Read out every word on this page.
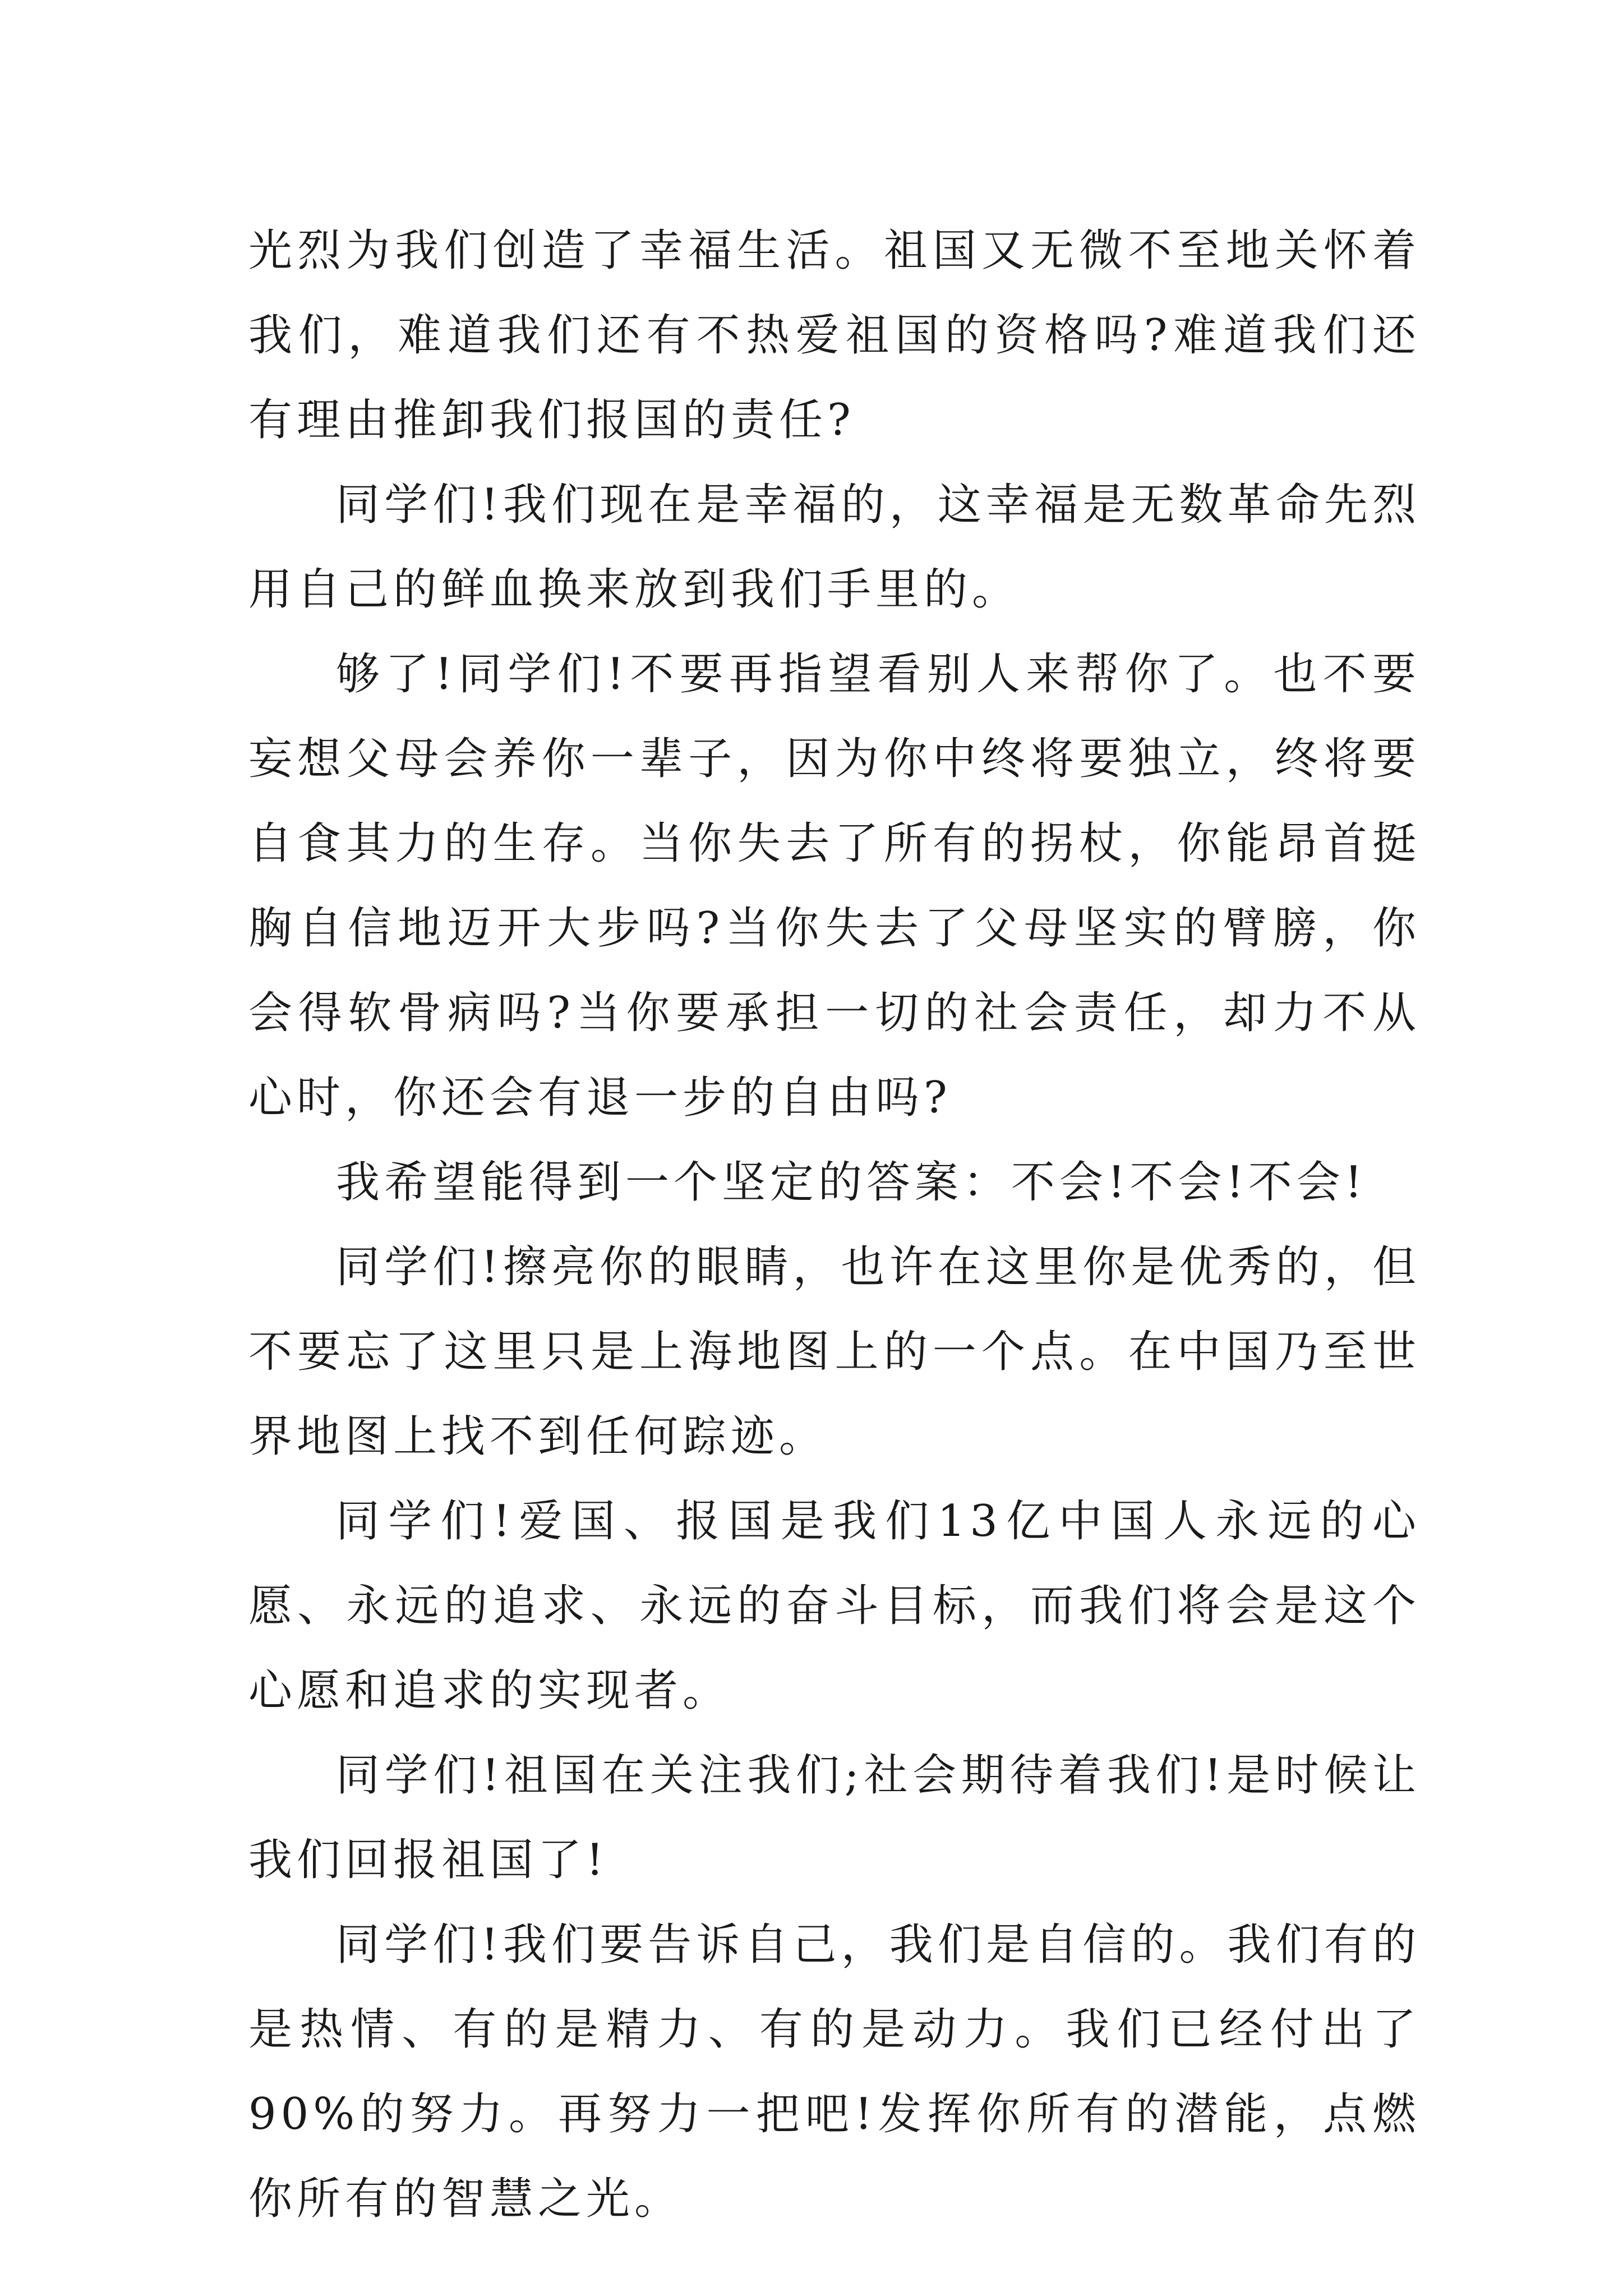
光烈为我们创造了幸福生活。祖国又无微不至地关怀着我们，难道我们还有不热爱祖国的资格吗?难道我们还有理由推卸我们报国的责任?

同学们!我们现在是幸福的，这幸福是无数革命先烈用自己的鲜血换来放到我们手里的。

够了!同学们!不要再指望看别人来帮你了。也不要妄想父母会养你一辈子，因为你中终将要独立，终将要自食其力的生存。当你失去了所有的拐杖，你能昂首挺胸自信地迈开大步吗?当你失去了父母坚实的臂膀，你会得软骨病吗?当你要承担一切的社会责任，却力不从心时，你还会有退一步的自由吗?

我希望能得到一个坚定的答案：不会!不会!不会!

同学们!擦亮你的眼睛，也许在这里你是优秀的，但不要忘了这里只是上海地图上的一个点。在中国乃至世界地图上找不到任何踪迹。

同学们!爱国、报国是我们13亿中国人永远的心愿、永远的追求、永远的奋斗目标，而我们将会是这个心愿和追求的实现者。

同学们!祖国在关注我们;社会期待着我们!是时候让我们回报祖国了!

同学们!我们要告诉自己，我们是自信的。我们有的是热情、有的是精力、有的是动力。我们已经付出了90%的努力。再努力一把吧!发挥你所有的潜能，点燃你所有的智慧之光。
